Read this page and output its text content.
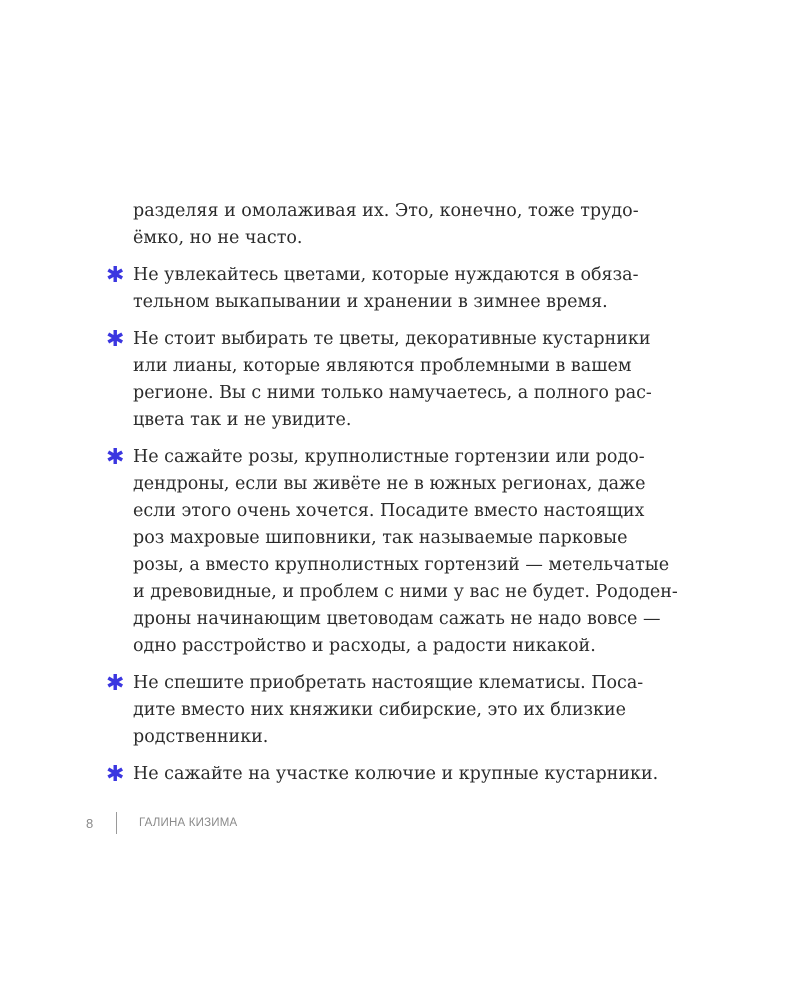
разделяя и омолаживая их. Это, конечно, тоже трудо-
ёмко, но не часто.
✱ Не увлекайтесь цветами, которые нуждаются в обяза-
тельном выкапывании и хранении в зимнее время.
✱ Не стоит выбирать те цветы, декоративные кустарники
или лианы, которые являются проблемными в вашем
регионе. Вы с ними только намучаетесь, а полного рас-
цвета так и не увидите.
✱ Не сажайте розы, крупнолистные гортензии или родо-
дендроны, если вы живёте не в южных регионах, даже
если этого очень хочется. Посадите вместо настоящих
роз махровые шиповники, так называемые парковые
розы, а вместо крупнолистных гортензий — метельчатые
и древовидные, и проблем с ними у вас не будет. Рододен-
дроны начинающим цветоводам сажать не надо вовсе —
одно расстройство и расходы, а радости никакой.
✱ Не спешите приобретать настоящие клематисы. Поса-
дите вместо них княжики сибирские, это их близкие
родственники.
✱ Не сажайте на участке колючие и крупные кустарники.
8	ГАЛИНА КИЗИМА
